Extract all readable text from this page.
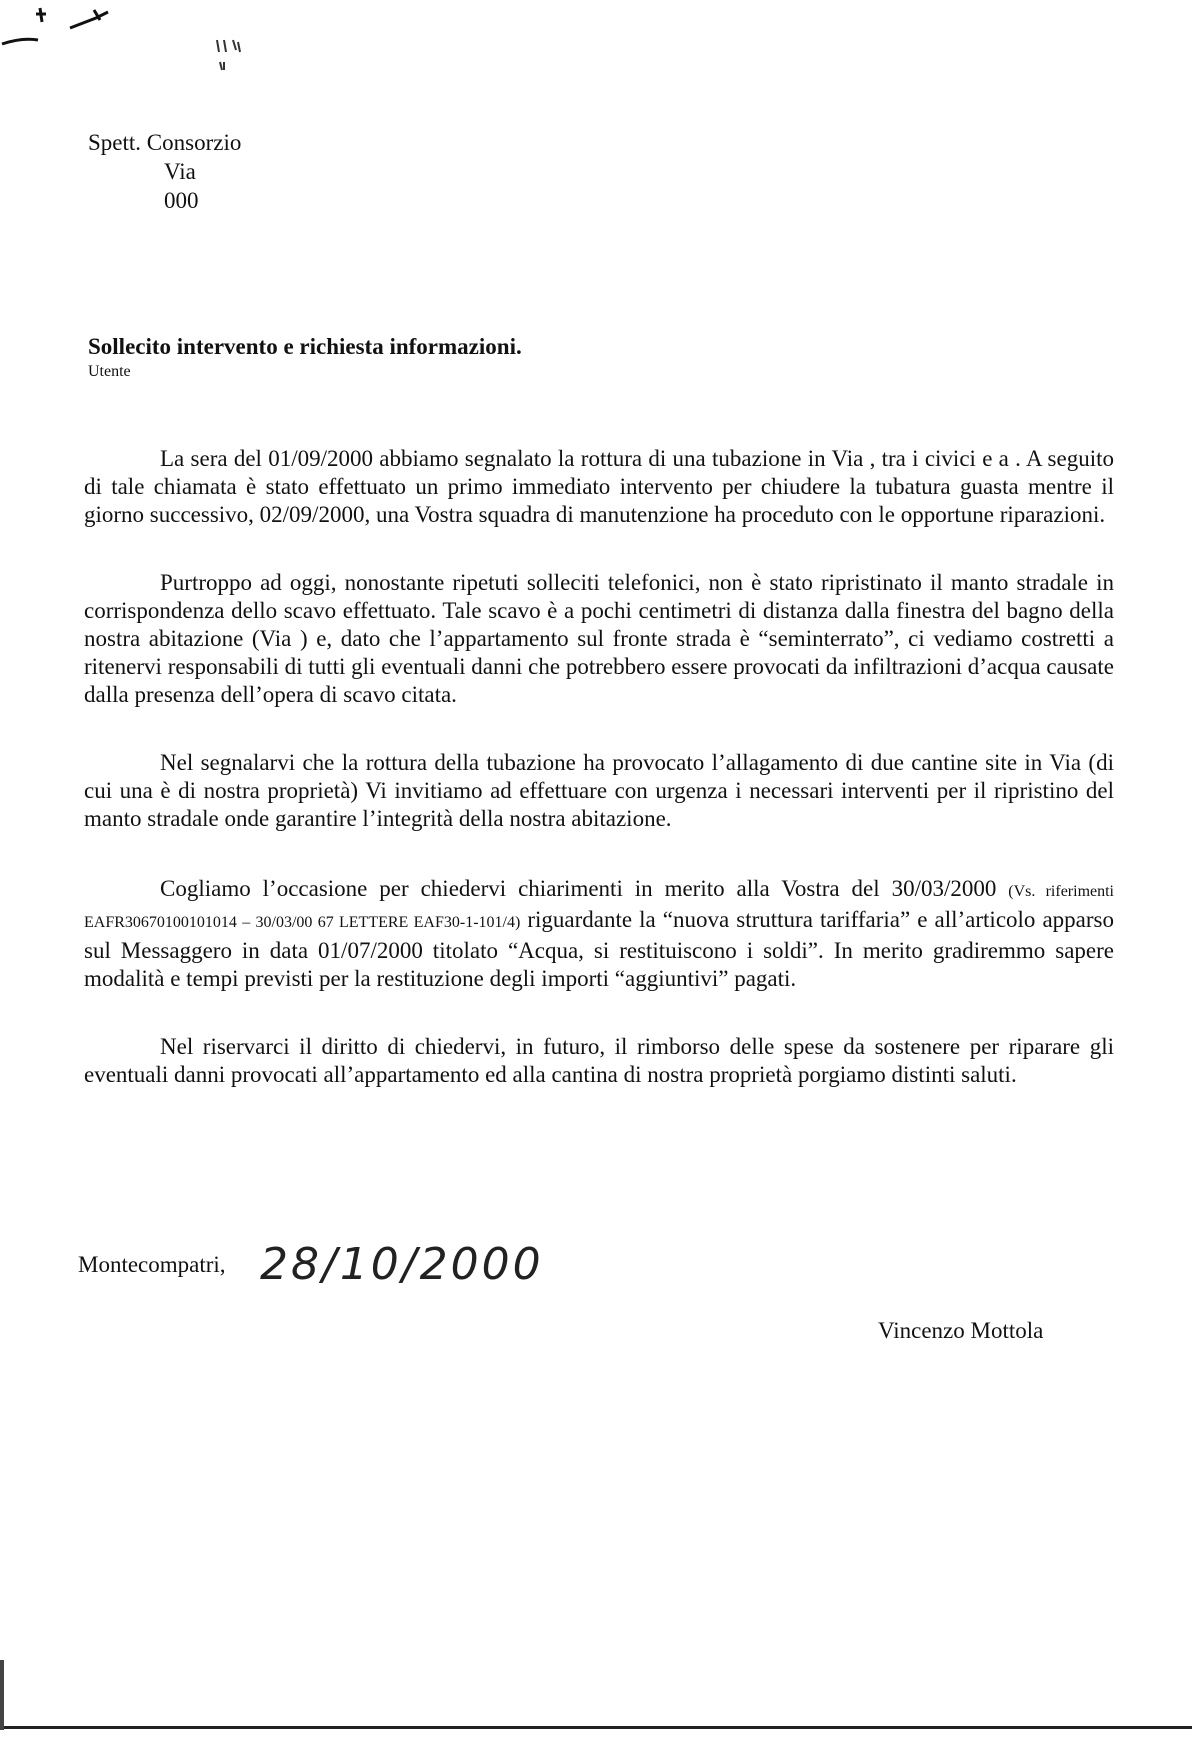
Spett. Consorzio
Via
000
Sollecito intervento e richiesta informazioni.
Utente

La sera del 01/09/2000 abbiamo segnalato la rottura di una tubazione in Via , tra i civici e a . A seguito di tale chiamata è stato effettuato un primo immediato intervento per chiudere la tubatura guasta mentre il giorno successivo, 02/09/2000, una Vostra squadra di manutenzione ha proceduto con le opportune riparazioni.

Purtroppo ad oggi, nonostante ripetuti solleciti telefonici, non è stato ripristinato il manto stradale in corrispondenza dello scavo effettuato. Tale scavo è a pochi centimetri di distanza dalla finestra del bagno della nostra abitazione (Via ) e, dato che l’appartamento sul fronte strada è “seminterrato”, ci vediamo costretti a ritenervi responsabili di tutti gli eventuali danni che potrebbero essere provocati da infiltrazioni d’acqua causate dalla presenza dell’opera di scavo citata.

Nel segnalarvi che la rottura della tubazione ha provocato l’allagamento di due cantine site in Via (di cui una è di nostra proprietà) Vi invitiamo ad effettuare con urgenza i necessari interventi per il ripristino del manto stradale onde garantire l’integrità della nostra abitazione.

Cogliamo l’occasione per chiedervi chiarimenti in merito alla Vostra del 30/03/2000 (Vs. riferimenti EAFR30670100101014 – 30/03/00 67 LETTERE EAF30-1-101/4) riguardante la “nuova struttura tariffaria” e all’articolo apparso sul Messaggero in data 01/07/2000 titolato “Acqua, si restituiscono i soldi”. In merito gradiremmo sapere modalità e tempi previsti per la restituzione degli importi “aggiuntivi” pagati.

Nel riservarci il diritto di chiedervi, in futuro, il rimborso delle spese da sostenere per riparare gli eventuali danni provocati all’appartamento ed alla cantina di nostra proprietà porgiamo distinti saluti.

Montecompatri, 28/10/2000
Vincenzo Mottola
